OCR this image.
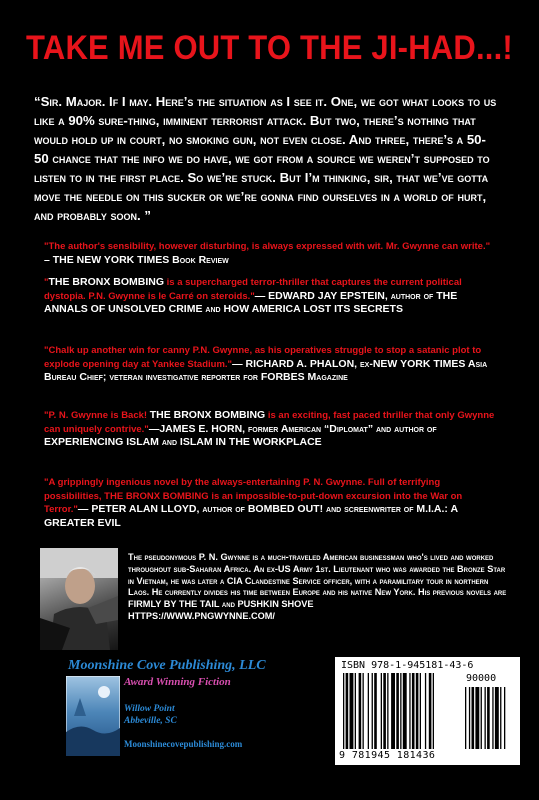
TAKE ME OUT TO THE JI-HAD...!

“Sir. Major. If I may. Here’s the situation as I see it. One, we got what looks to us like a 90% sure-thing, imminent terrorist attack. But two, there’s nothing that would hold up in court, no smoking gun, not even close. And three, there’s a 50-50 chance that the info we do have, we got from a source we weren’t supposed to listen to in the first place. So we’re stuck. But I’m thinking, sir, that we’ve gotta move the needle on this sucker or we’re gonna find ourselves in a world of hurt, and probably soon. ”

"The author's sensibility, however disturbing, is always expressed with wit. Mr. Gwynne can write." – THE NEW YORK TIMES Book Review

"THE BRONX BOMBING is a supercharged terror-thriller that captures the current political dystopia. P.N. Gwynne is le Carré on steroids."— EDWARD JAY EPSTEIN, author of THE ANNALS OF UNSOLVED CRIME and HOW AMERICA LOST ITS SECRETS

"Chalk up another win for canny P.N. Gwynne, as his operatives struggle to stop a satanic plot to explode opening day at Yankee Stadium."— RICHARD A. PHALON, ex-NEW YORK TIMES Asia Bureau Chief; veteran investigative reporter for FORBES Magazine

"P. N. Gwynne is Back! THE BRONX BOMBING is an exciting, fast paced thriller that only Gwynne can uniquely contrive."—JAMES E. HORN, former American “Diplomat” and author of EXPERIENCING ISLAM and ISLAM IN THE WORKPLACE

"A grippingly ingenious novel by the always-entertaining P. N. Gwynne. Full of terrifying possibilities, THE BRONX BOMBING is an impossible-to-put-down excursion into the War on Terror."— PETER ALAN LLOYD, author of BOMBED OUT! and screenwriter of M.I.A.: A GREATER EVIL

The pseudonymous P. N. Gwynne is a much-traveled American businessman who's lived and worked throughout sub-Saharan Africa. An ex-US Army 1st. Lieutenant who was awarded the Bronze Star in Vietnam, he was later a CIA Clandestine Service officer, with a paramilitary tour in northern Laos. He currently divides his time between Europe and his native New York. His previous novels are FIRMLY BY THE TAIL and PUSHKIN SHOVE
HTTPS://WWW.PNGWYNNE.COM/

Moonshine Cove Publishing, LLC

Award Winning Fiction

Willow Point
Abbeville, SC

Moonshinecovepublishing.com

ISBN 978-1-945181-43-6

90000

9 781945 181436
